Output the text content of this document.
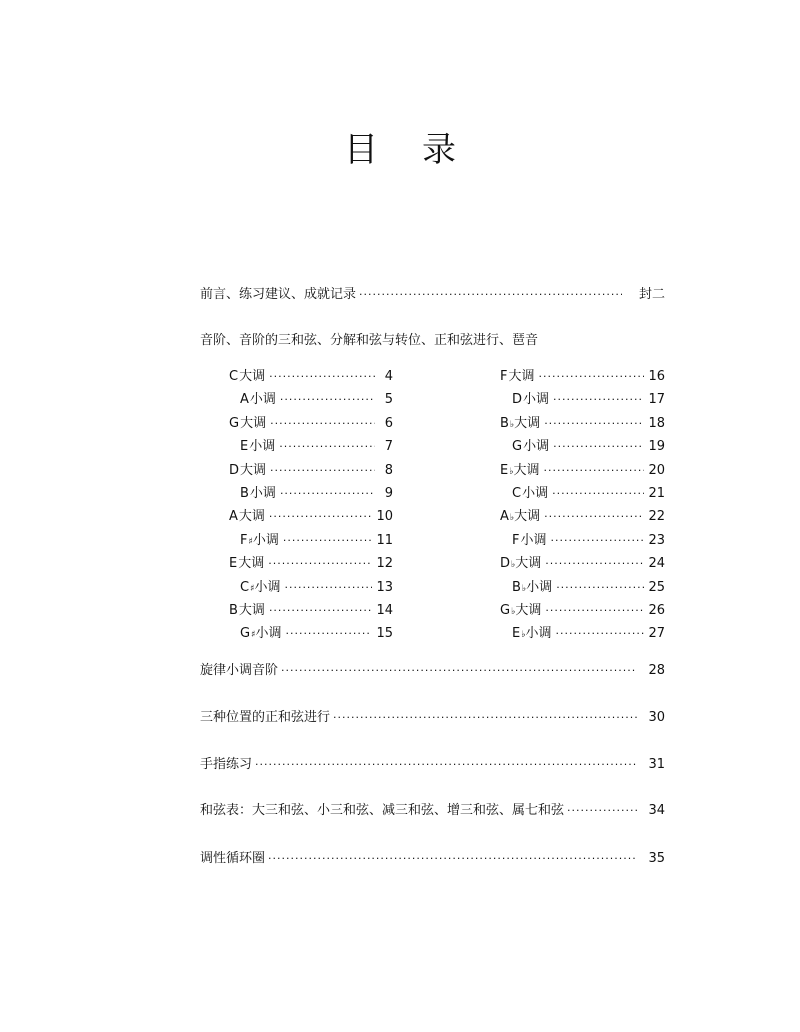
目 录
前言、练习建议、成就记录 ·····	封二
音阶、音阶的三和弦、分解和弦与转位、正和弦进行、琶音
C 大调 ·····	4
A 小调 ·····	5
G 大调 ·····	6
E 小调 ·····	7
D 大调 ·····	8
B 小调 ·····	9
A 大调 ·····	10
F ♯ 小调 ·····	11
E 大调 ·····	12
C ♯ 小调 ·····	13
B 大调 ·····	14
G ♯ 小调 ·····	15
F 大调 ·····	16
D 小调 ·····	17
B ♭ 大调 ·····	18
G 小调 ·····	19
E ♭ 大调 ·····	20
C 小调 ·····	21
A ♭ 大调 ·····	22
F 小调 ·····	23
D ♭ 大调 ·····	24
B ♭ 小调 ·····	25
G ♭ 大调 ·····	26
E ♭ 小调 ·····	27
旋律小调音阶 ·····	28
三种位置的正和弦进行 ·····	30
手指练习 ·····	31
和弦表：大三和弦、小三和弦、减三和弦、增三和弦、属七和弦 ·····	34
调性循环圈 ·····	35
